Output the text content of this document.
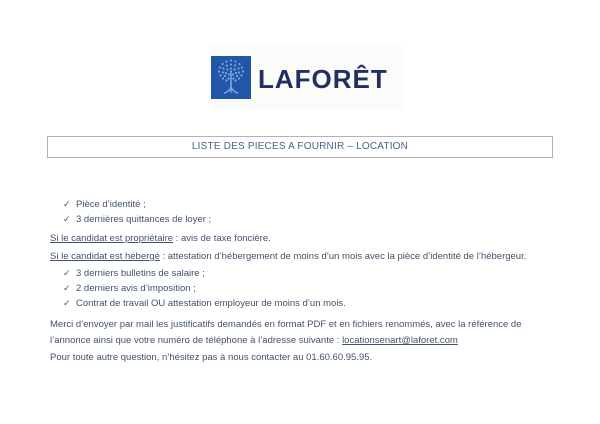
LAFORÊT
LISTE DES PIECES A FOURNIR – LOCATION
✓ Pièce d’identité ;
✓ 3 dernières quittances de loyer ;
Si le candidat est propriétaire : avis de taxe foncière.
Si le candidat est hébergé : attestation d’hébergement de moins d’un mois avec la pièce d’identité de l’hébergeur.
✓ 3 derniers bulletins de salaire ;
✓ 2 derniers avis d’imposition ;
✓ Contrat de travail OU attestation employeur de moins d’un mois.
Merci d’envoyer par mail les justificatifs demandés en format PDF et en fichiers renommés, avec la référence de l’annonce ainsi que votre numéro de téléphone à l’adresse suivante : locationsenart@laforet.com
Pour toute autre question, n’hésitez pas à nous contacter au 01.60.60.95.95.
